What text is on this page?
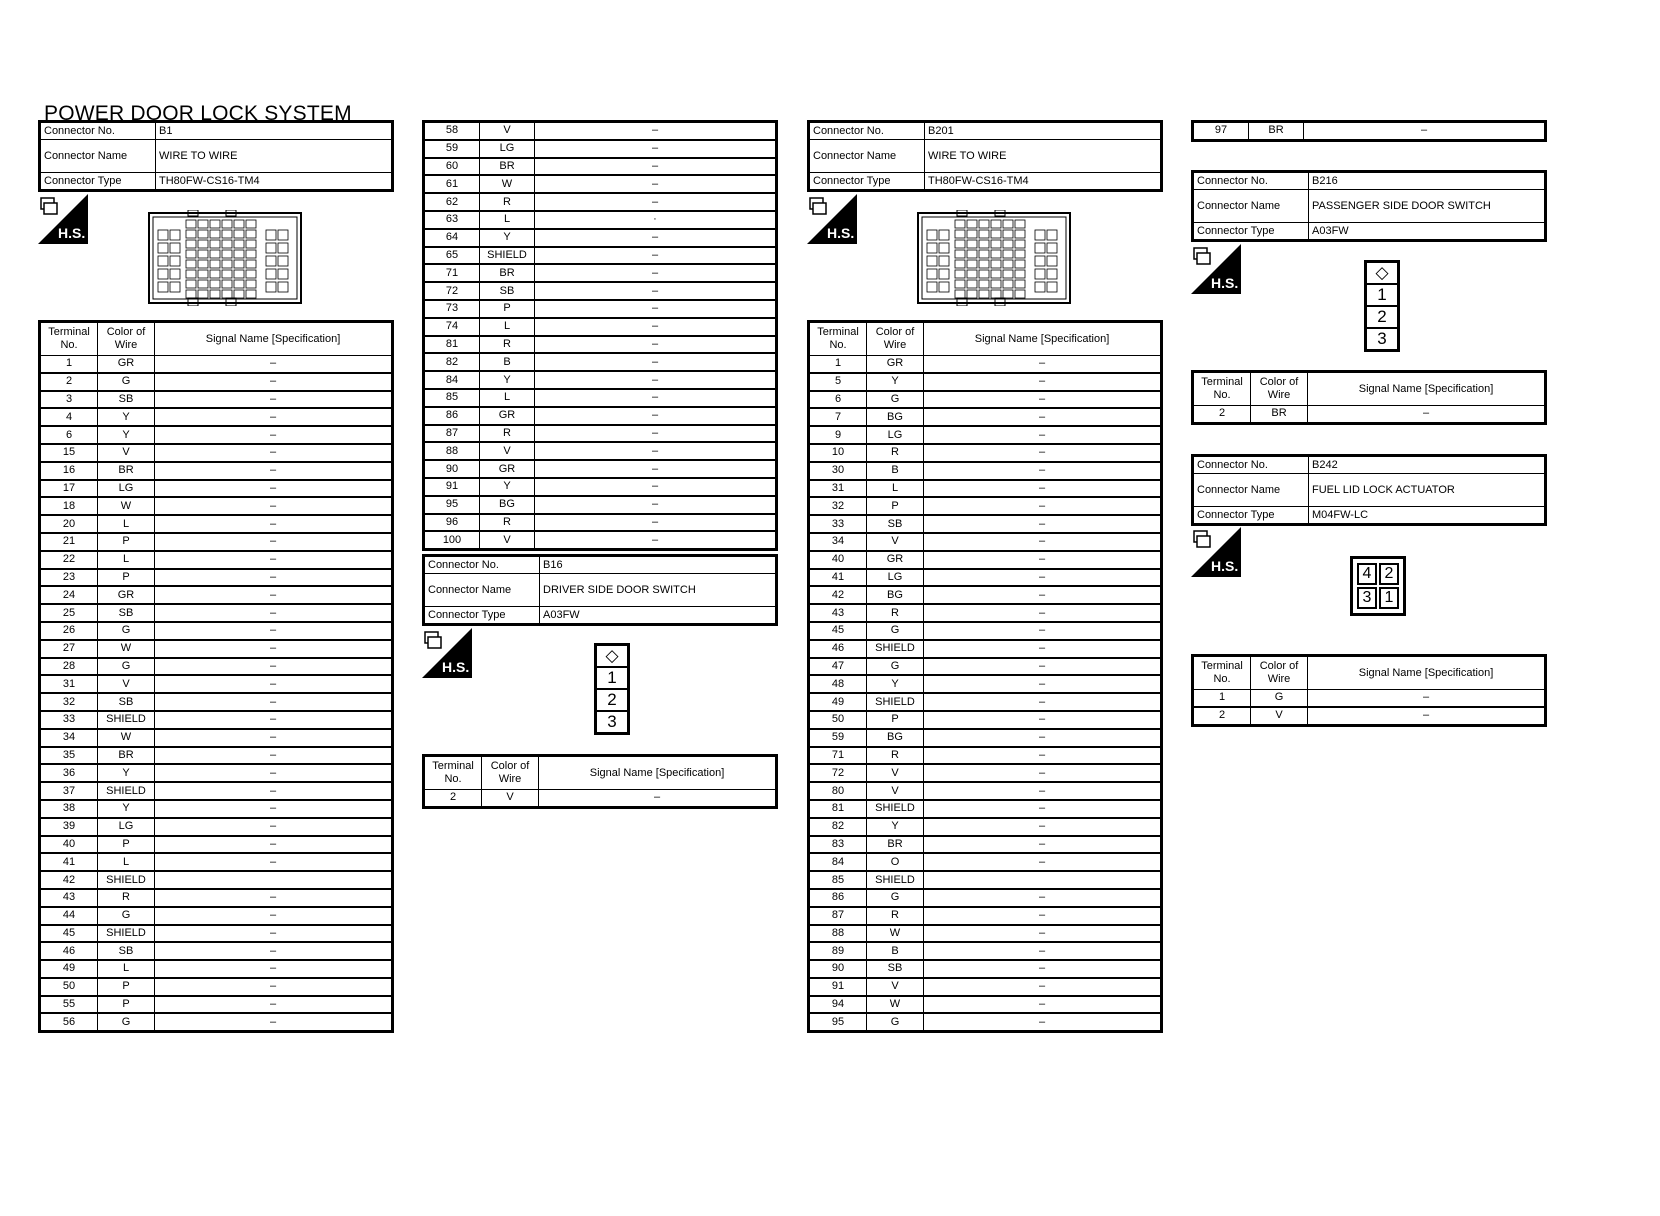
POWER DOOR LOCK SYSTEM
Connector No.	B1
Connector Name	WIRE TO WIRE
Connector Type	TH80FW-CS16-TM4
H.S.
Terminal No.	Color of Wire	Signal Name [Specification]
1	GR	–
2	G	–
3	SB	–
4	Y	–
6	Y	–
15	V	–
16	BR	–
17	LG	–
18	W	–
20	L	–
21	P	–
22	L	–
23	P	–
24	GR	–
25	SB	–
26	G	–
27	W	–
28	G	–
31	V	–
32	SB	–
33	SHIELD	–
34	W	–
35	BR	–
36	Y	–
37	SHIELD	–
38	Y	–
39	LG	–
40	P	–
41	L	–
42	SHIELD	
43	R	–
44	G	–
45	SHIELD	–
46	SB	–
49	L	–
50	P	–
55	P	–
56	G	–
58	V	–
59	LG	–
60	BR	–
61	W	–
62	R	–
63	L	·
64	Y	–
65	SHIELD	–
71	BR	–
72	SB	–
73	P	–
74	L	–
81	R	–
82	B	–
84	Y	–
85	L	–
86	GR	–
87	R	–
88	V	–
90	GR	–
91	Y	–
95	BG	–
96	R	–
100	V	–
Connector No.	B16
Connector Name	DRIVER SIDE DOOR SWITCH
Connector Type	A03FW
H.S.
◇
1
2
3
Terminal No.	Color of Wire	Signal Name [Specification]
2	V	–
Connector No.	B201
Connector Name	WIRE TO WIRE
Connector Type	TH80FW-CS16-TM4
H.S.
Terminal No.	Color of Wire	Signal Name [Specification]
1	GR	–
5	Y	–
6	G	–
7	BG	–
9	LG	–
10	R	–
30	B	–
31	L	–
32	P	–
33	SB	–
34	V	–
40	GR	–
41	LG	–
42	BG	–
43	R	–
45	G	–
46	SHIELD	–
47	G	–
48	Y	–
49	SHIELD	–
50	P	–
59	BG	–
71	R	–
72	V	–
80	V	–
81	SHIELD	–
82	Y	–
83	BR	–
84	O	–
85	SHIELD	
86	G	–
87	R	–
88	W	–
89	B	–
90	SB	–
91	V	–
94	W	–
95	G	–
97	BR	–
Connector No.	B216
Connector Name	PASSENGER SIDE DOOR SWITCH
Connector Type	A03FW
H.S.
◇
1
2
3
Terminal No.	Color of Wire	Signal Name [Specification]
2	BR	–
Connector No.	B242
Connector Name	FUEL LID LOCK ACTUATOR
Connector Type	M04FW-LC
H.S.	4 2
3 1
Terminal No.	Color of Wire	Signal Name [Specification]
1	G	–
2	V	–
